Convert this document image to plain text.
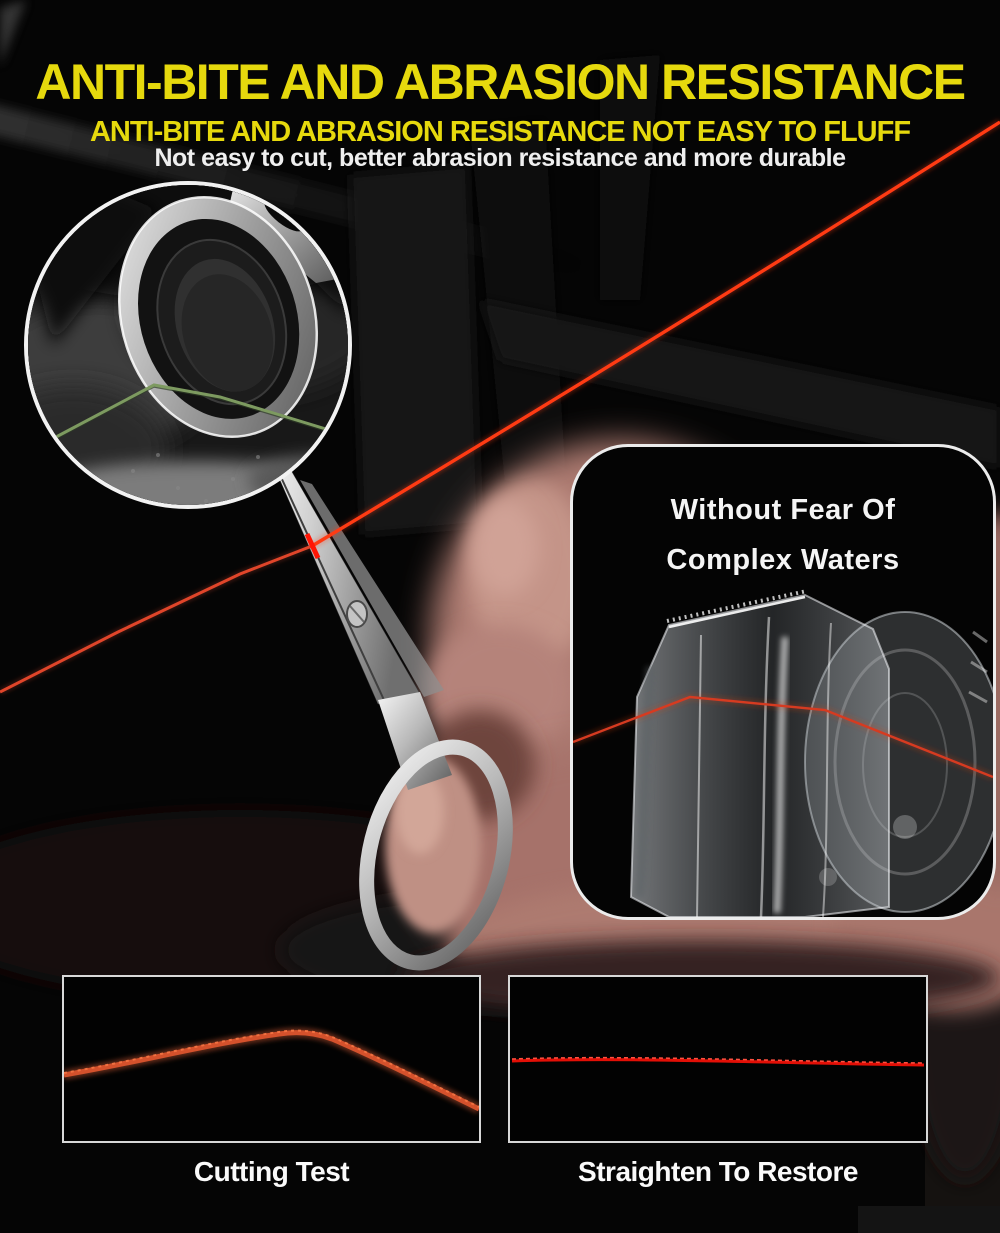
Without Fear Of
Complex Waters
Cutting Test	Straighten To Restore
ANTI-BITE AND ABRASION RESISTANCE
ANTI-BITE AND ABRASION RESISTANCE NOT EASY TO FLUFF
Not easy to cut, better abrasion resistance and more durable
